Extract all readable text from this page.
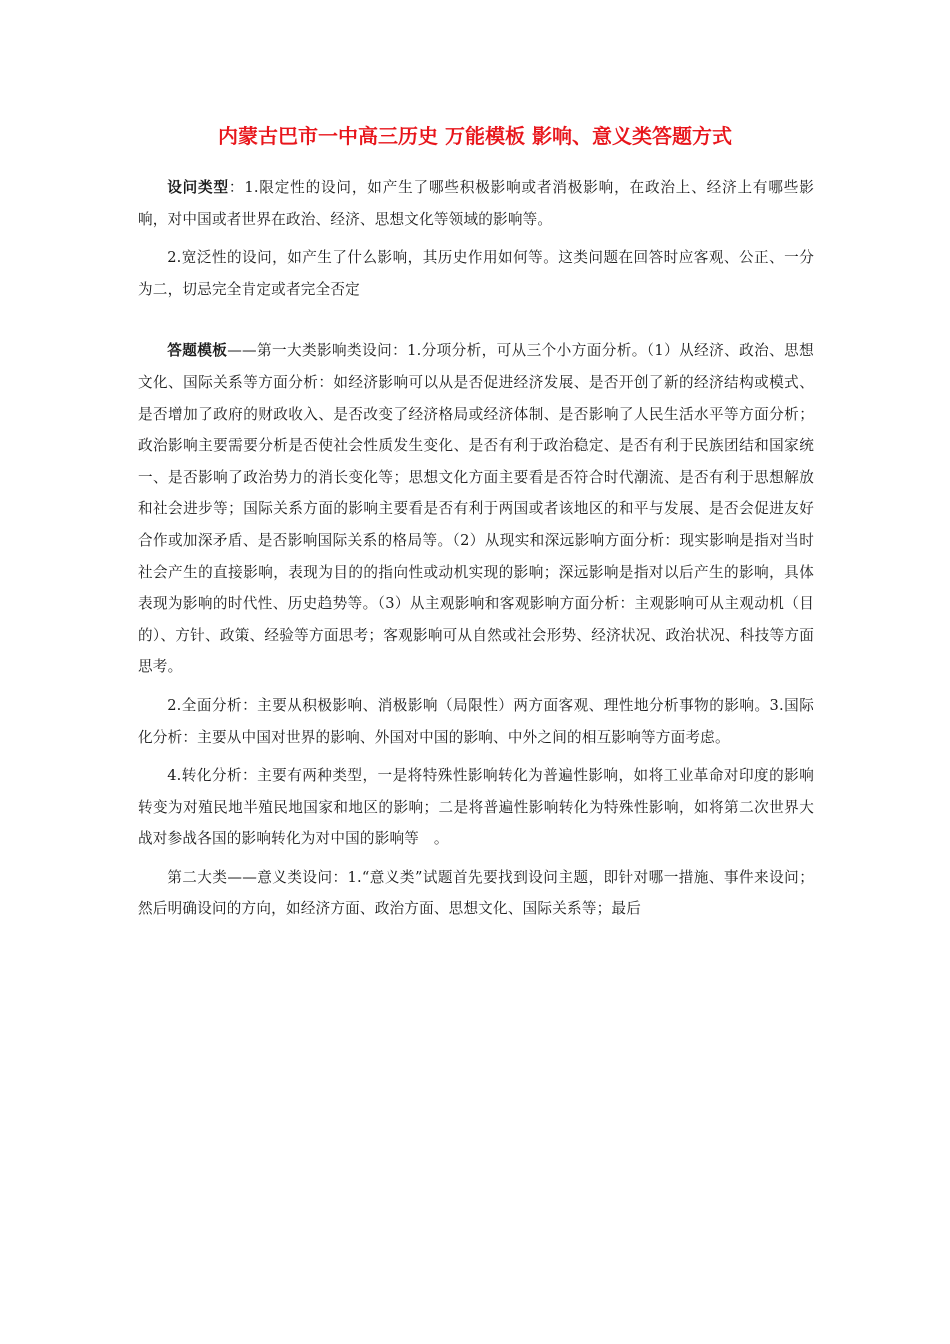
内蒙古巴市一中高三历史 万能模板 影响、意义类答题方式

设问类型：1.限定性的设问，如产生了哪些积极影响或者消极影响，在政治上、经济上有哪些影响，对中国或者世界在政治、经济、思想文化等领域的影响等。

2.宽泛性的设问，如产生了什么影响，其历史作用如何等。这类问题在回答时应客观、公正、一分为二，切忌完全肯定或者完全否定

答题模板——第一大类影响类设问：1.分项分析，可从三个小方面分析。（1）从经济、政治、思想文化、国际关系等方面分析：如经济影响可以从是否促进经济发展、是否开创了新的经济结构或模式、是否增加了政府的财政收入、是否改变了经济格局或经济体制、是否影响了人民生活水平等方面分析；政治影响主要需要分析是否使社会性质发生变化、是否有利于政治稳定、是否有利于民族团结和国家统一、是否影响了政治势力的消长变化等；思想文化方面主要看是否符合时代潮流、是否有利于思想解放和社会进步等；国际关系方面的影响主要看是否有利于两国或者该地区的和平与发展、是否会促进友好合作或加深矛盾、是否影响国际关系的格局等。（2）从现实和深远影响方面分析：现实影响是指对当时社会产生的直接影响，表现为目的的指向性或动机实现的影响；深远影响是指对以后产生的影响，具体表现为影响的时代性、历史趋势等。（3）从主观影响和客观影响方面分析：主观影响可从主观动机（目的）、方针、政策、经验等方面思考；客观影响可从自然或社会形势、经济状况、政治状况、科技等方面思考。

2.全面分析：主要从积极影响、消极影响（局限性）两方面客观、理性地分析事物的影响。3.国际化分析：主要从中国对世界的影响、外国对中国的影响、中外之间的相互影响等方面考虑。

4.转化分析：主要有两种类型，一是将特殊性影响转化为普遍性影响，如将工业革命对印度的影响转变为对殖民地半殖民地国家和地区的影响；二是将普遍性影响转化为特殊性影响，如将第二次世界大战对参战各国的影响转化为对中国的影响等　。

第二大类——意义类设问：1.“意义类”试题首先要找到设问主题，即针对哪一措施、事件来设问；然后明确设问的方向，如经济方面、政治方面、思想文化、国际关系等；最后
